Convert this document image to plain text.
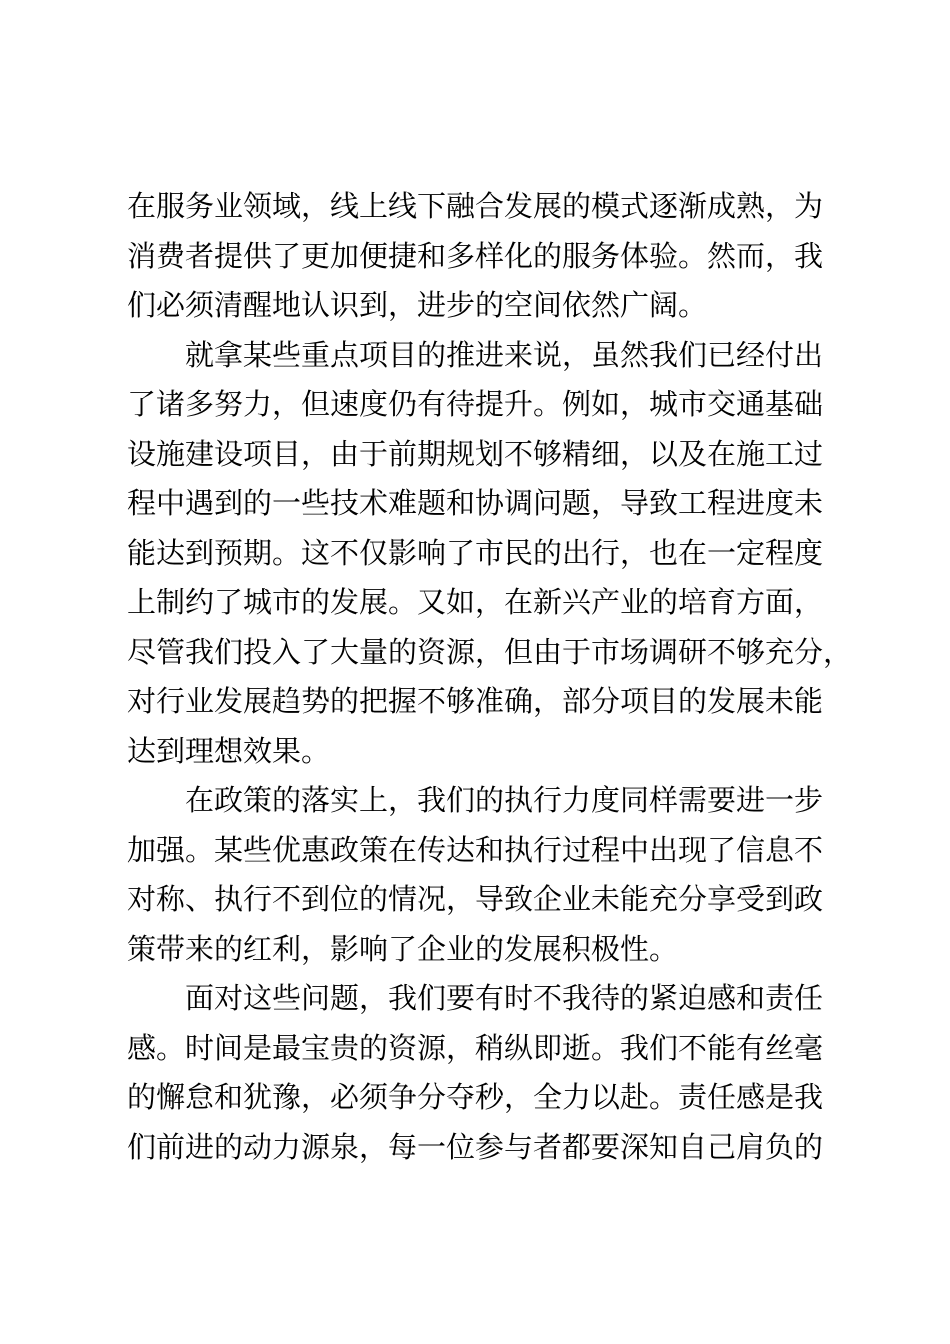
在服务业领域，线上线下融合发展的模式逐渐成熟，为
消费者提供了更加便捷和多样化的服务体验。然而，我
们必须清醒地认识到，进步的空间依然广阔。
就拿某些重点项目的推进来说，虽然我们已经付出
了诸多努力，但速度仍有待提升。例如，城市交通基础
设施建设项目，由于前期规划不够精细，以及在施工过
程中遇到的一些技术难题和协调问题，导致工程进度未
能达到预期。这不仅影响了市民的出行，也在一定程度
上制约了城市的发展。又如，在新兴产业的培育方面，
尽管我们投入了大量的资源，但由于市场调研不够充分，
对行业发展趋势的把握不够准确，部分项目的发展未能
达到理想效果。
在政策的落实上，我们的执行力度同样需要进一步
加强。某些优惠政策在传达和执行过程中出现了信息不
对称、执行不到位的情况，导致企业未能充分享受到政
策带来的红利，影响了企业的发展积极性。
面对这些问题，我们要有时不我待的紧迫感和责任
感。时间是最宝贵的资源，稍纵即逝。我们不能有丝毫
的懈怠和犹豫，必须争分夺秒，全力以赴。责任感是我
们前进的动力源泉，每一位参与者都要深知自己肩负的
